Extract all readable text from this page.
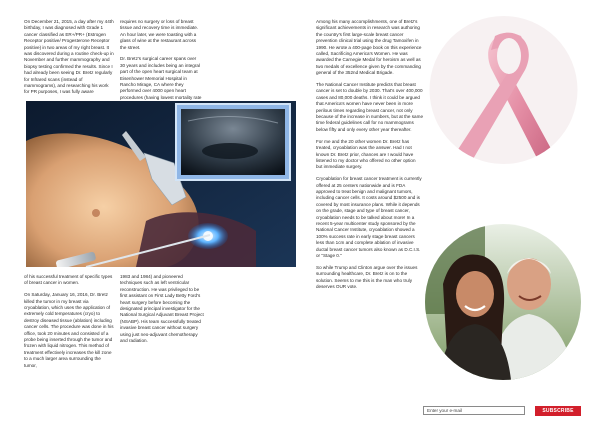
On December 21, 2015, a day after my 44th birthday, I was diagnosed with Grade 1 cancer classified as ER+/PR+ (Estrogen Receptor positive/ Progesterone Receptor positive) in two areas of my right breast. It was discovered during a routine check-up in November and further mammography and biopsy testing confirmed the results. Since I had already been seeing Dr. Bretz regularly for Infrared scans (instead of mammograms), and researching his work for PR purposes, I was fully aware

requires no surgery or loss of breast tissue and recovery time is immediate. An hour later, we were toasting with a glass of wine at the restaurant across the street.

Dr. Bretz's surgical career spans over 30 years and includes being an integral part of the open heart surgical team at Eisenhower Memorial Hospital in Rancho Mirage, CA where they performed over 4000 open heart procedures (having lowest mortality rate

of his successful treatment of specific types of breast cancer in women.

On Saturday, January 16, 2016, Dr. Bretz killed the tumor in my breast via cryoablation, which uses the application of extremely cold temperatures (cryo) to destroy diseased tissue (ablation) including cancer cells. The procedure was done in his office, took 20 minutes and consisted of a probe being inserted through the tumor and frozen with liquid nitrogen. This method of treatment effectively increases the kill zone to a much larger area surrounding the tumor,

1983 and 1984) and pioneered techniques such as left ventricular reconstruction. He was privileged to be first assistant on First Lady Betty Ford's heart surgery before becoming the designated principal investigator for the National Surgical Adjuvant Breast Project (NSABP). His team successfully treated invasive breast cancer without surgery using just neo-adjuvant chemotherapy and radiation.

Among his many accomplishments, one of Bretz's significant achievements in research was authoring the country's first large-scale breast cancer prevention clinical trial using the drug Tamoxifen in 1990. He wrote a 400-page book on this experience called, Sacrificing America's Women. He was awarded the Carnegie Medal for heroism as well as two medals of excellence given by the commanding general of the 352nd Medical Brigade.

The National Cancer Institute predicts that breast cancer is set to double by 2030. That's over 400,000 cases and 80,000 deaths. I think it could be argued that America's women have never been in more perilous times regarding breast cancer, not only because of the increase in numbers, but at the same time federal guidelines call for no mammograms below fifty and only every other year thereafter.

For me and the 20 other women Dr. Bretz has treated, cryoablation was the answer. Had I not known Dr. Bretz prior, chances are I would have listened to my doctor who offered no other option but immediate surgery.

Cryoablation for breast cancer treatment is currently offered at 25 centers nationwide and is FDA approved to treat benign and malignant tumors, including cancer cells. It costs around $2500 and is covered by most insurance plans. While it depends on the grade, stage and type of breast cancer, cryoablation needs to be talked about more! In a recent 5-year multicenter study sponsored by the National Cancer Institute, cryoablation showed a 100% success rate in early stage breast cancers less than 1cm and complete ablation of invasive ductal breast cancer tumors also known as D.C.I.S. or "Stage 0."

So while Trump and Clinton argue over the issues surrounding healthcare, Dr. Bretz is on to the solution. Seems to me this is the man who truly deserves OUR vote.

Enter your e-mail
SUBSCRIBE
